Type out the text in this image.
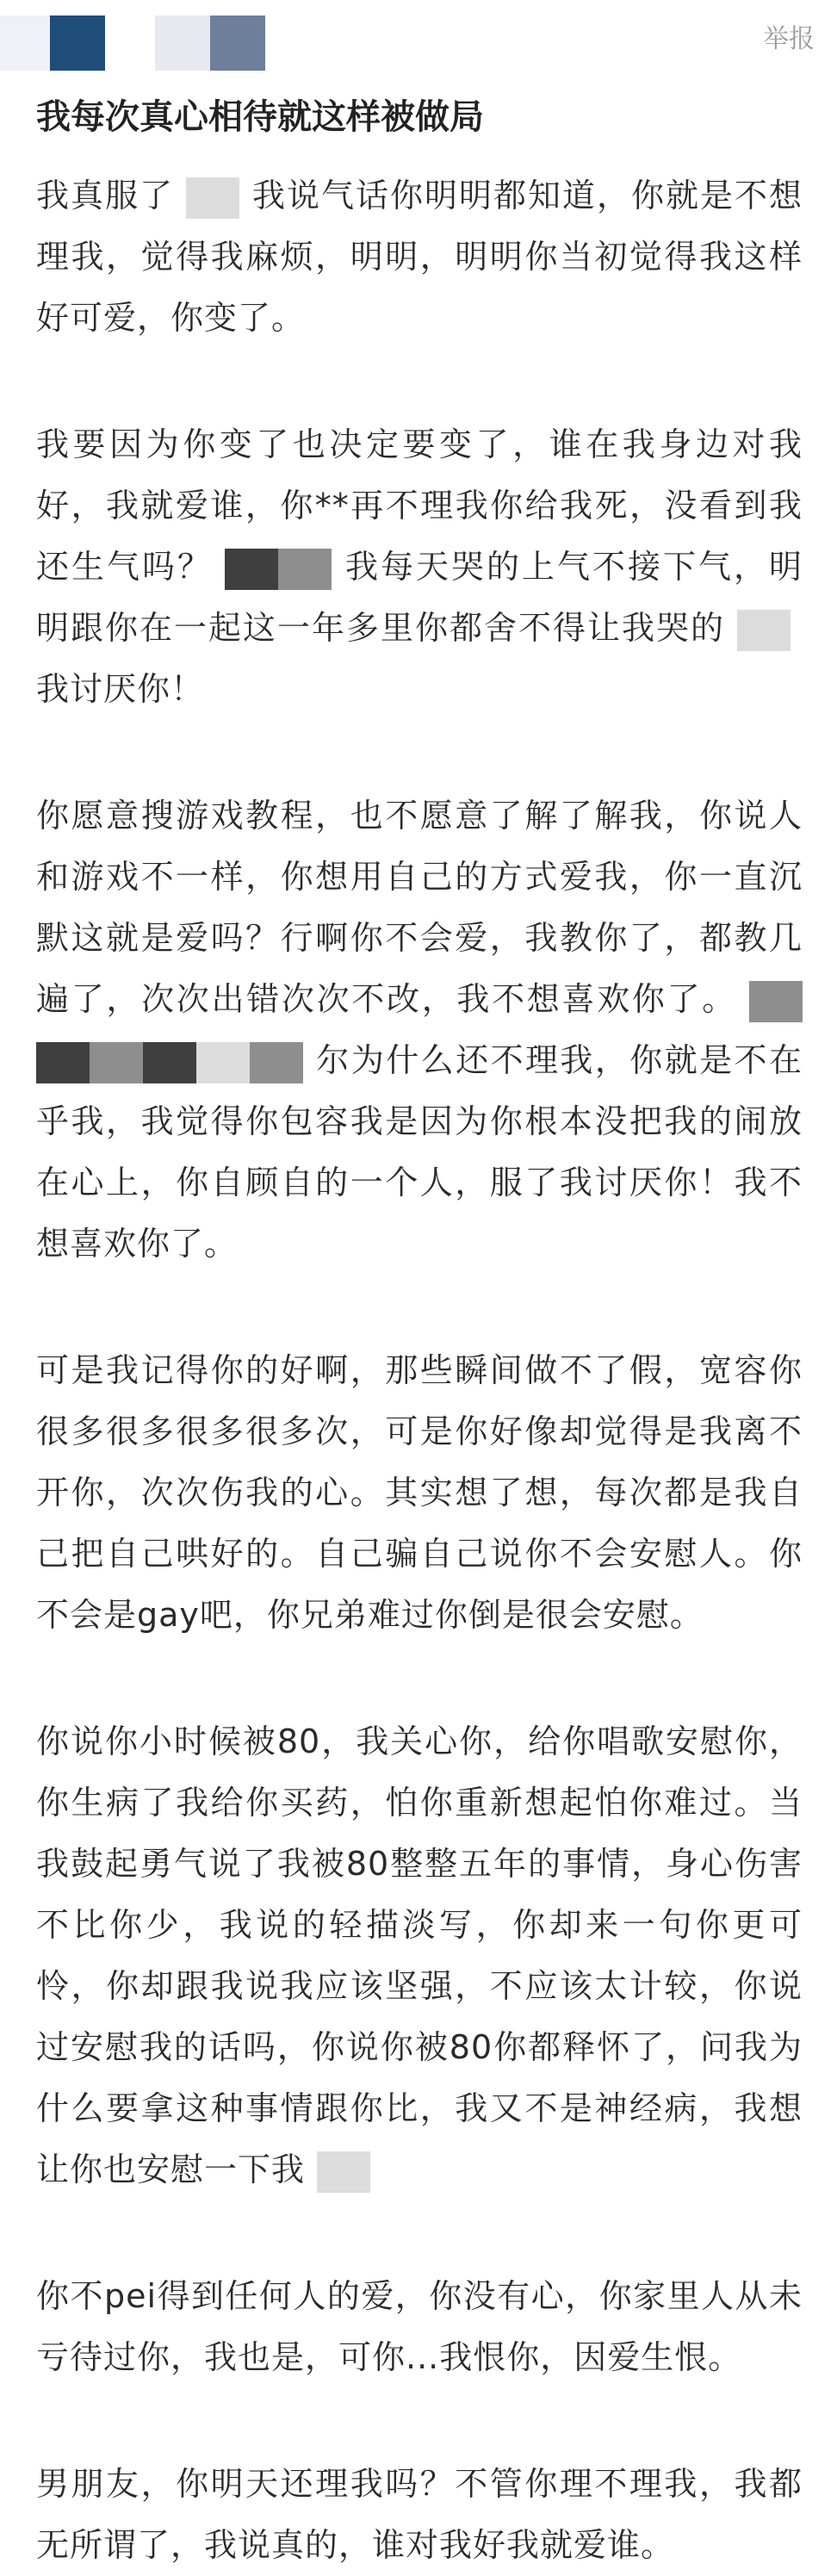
举报
我每次真心相待就这样被做局

我真服了 我说气话你明明都知道，你就是不想理我，觉得我麻烦，明明，明明你当初觉得我这样好可爱，你变了。

我要因为你变了也决定要变了，谁在我身边对我好，我就爱谁，你**再不理我你给我死，没看到我还生气吗？	我每天哭的上气不接下气，明明跟你在一起这一年多里你都舍不得让我哭的我讨厌你！

你愿意搜游戏教程，也不愿意了解了解我，你说人和游戏不一样，你想用自己的方式爱我，你一直沉默这就是爱吗？行啊你不会爱，我教你了，都教几遍了，次次出错次次不改，我不想喜欢你了。尔为什么还不理我，你就是不在乎我，我觉得你包容我是因为你根本没把我的闹放在心上，你自顾自的一个人，服了我讨厌你！我不想喜欢你了。

可是我记得你的好啊，那些瞬间做不了假，宽容你很多很多很多很多次，可是你好像却觉得是我离不开你，次次伤我的心。其实想了想，每次都是我自己把自己哄好的。自己骗自己说你不会安慰人。你不会是gay吧，你兄弟难过你倒是很会安慰。

你说你小时候被80，我关心你，给你唱歌安慰你，你生病了我给你买药，怕你重新想起怕你难过。当我鼓起勇气说了我被80整整五年的事情，身心伤害不比你少，我说的轻描淡写，你却来一句你更可怜，你却跟我说我应该坚强，不应该太计较，你说过安慰我的话吗，你说你被80你都释怀了，问我为什么要拿这种事情跟你比，我又不是神经病，我想让你也安慰一下我

你不pei得到任何人的爱，你没有心，你家里人从未亏待过你，我也是，可你...我恨你，因爱生恨。

男朋友，你明天还理我吗？不管你理不理我，我都无所谓了，我说真的，谁对我好我就爱谁。
